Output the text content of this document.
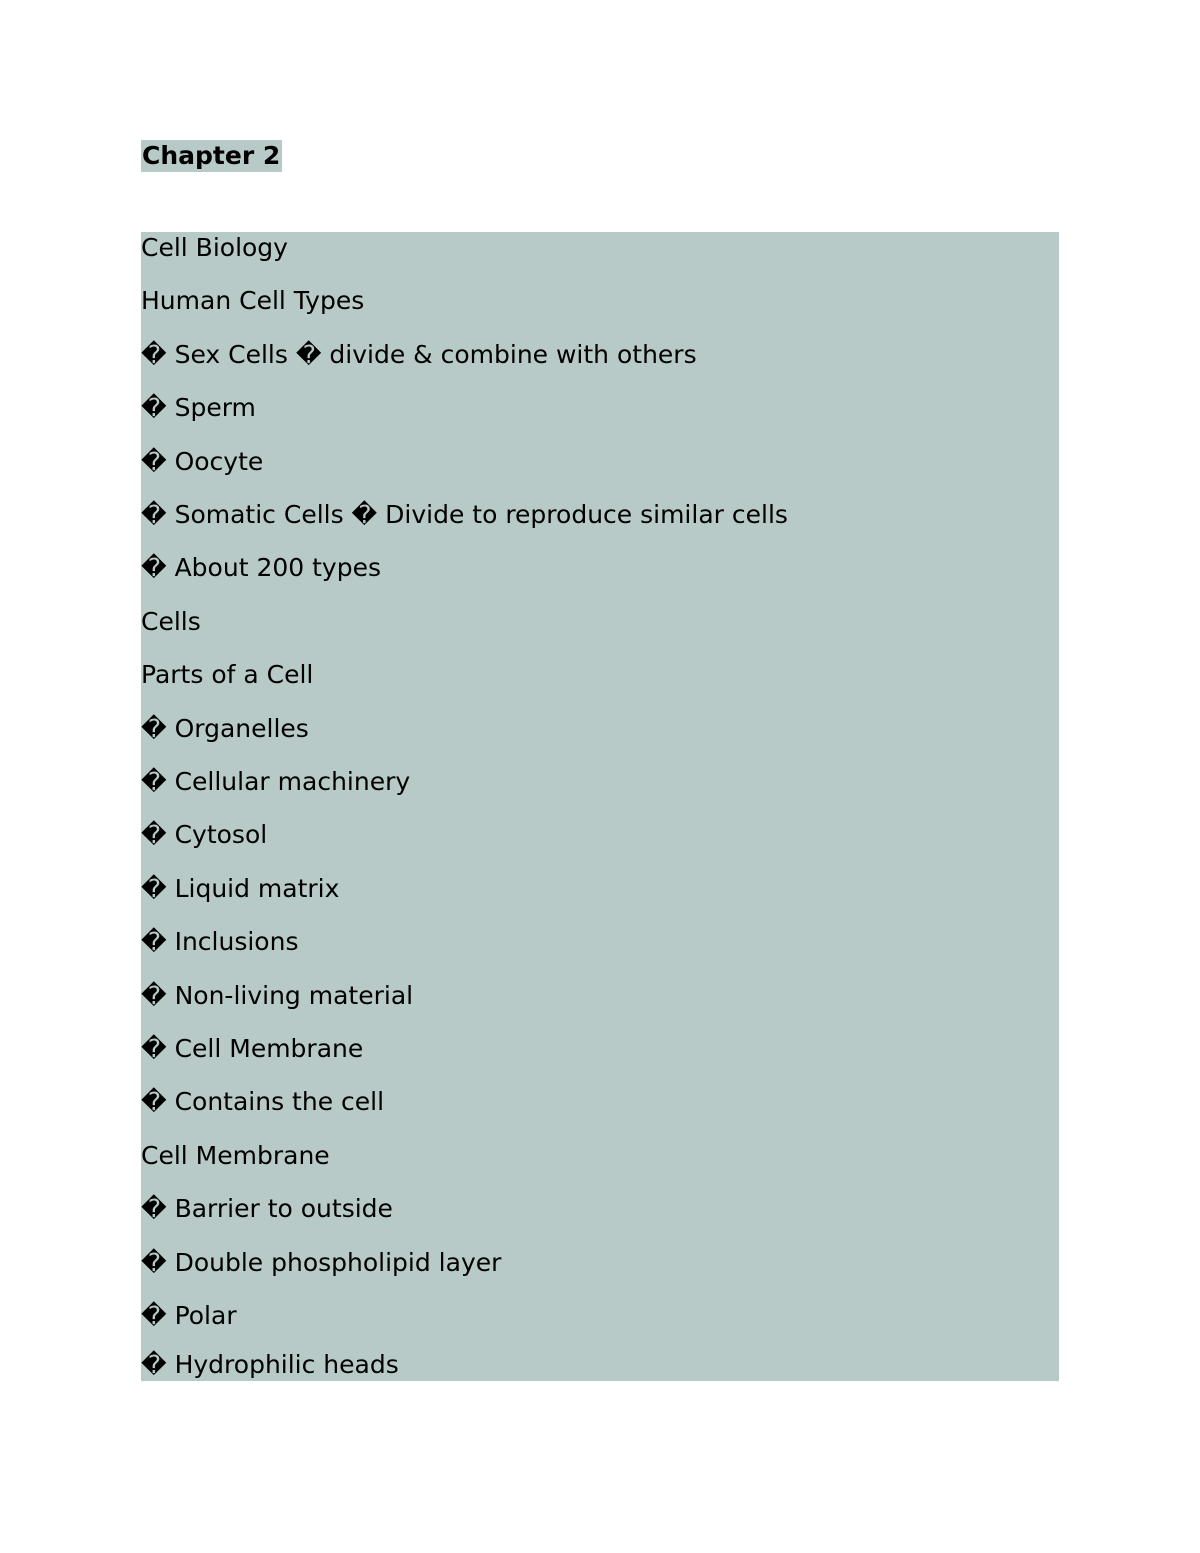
Chapter 2
Cell Biology
Human Cell Types
� Sex Cells � divide & combine with others
� Sperm
� Oocyte
� Somatic Cells � Divide to reproduce similar cells
� About 200 types
Cells
Parts of a Cell
� Organelles
� Cellular machinery
� Cytosol
� Liquid matrix
� Inclusions
� Non-living material
� Cell Membrane
� Contains the cell
Cell Membrane
� Barrier to outside
� Double phospholipid layer
� Polar
� Hydrophilic heads
